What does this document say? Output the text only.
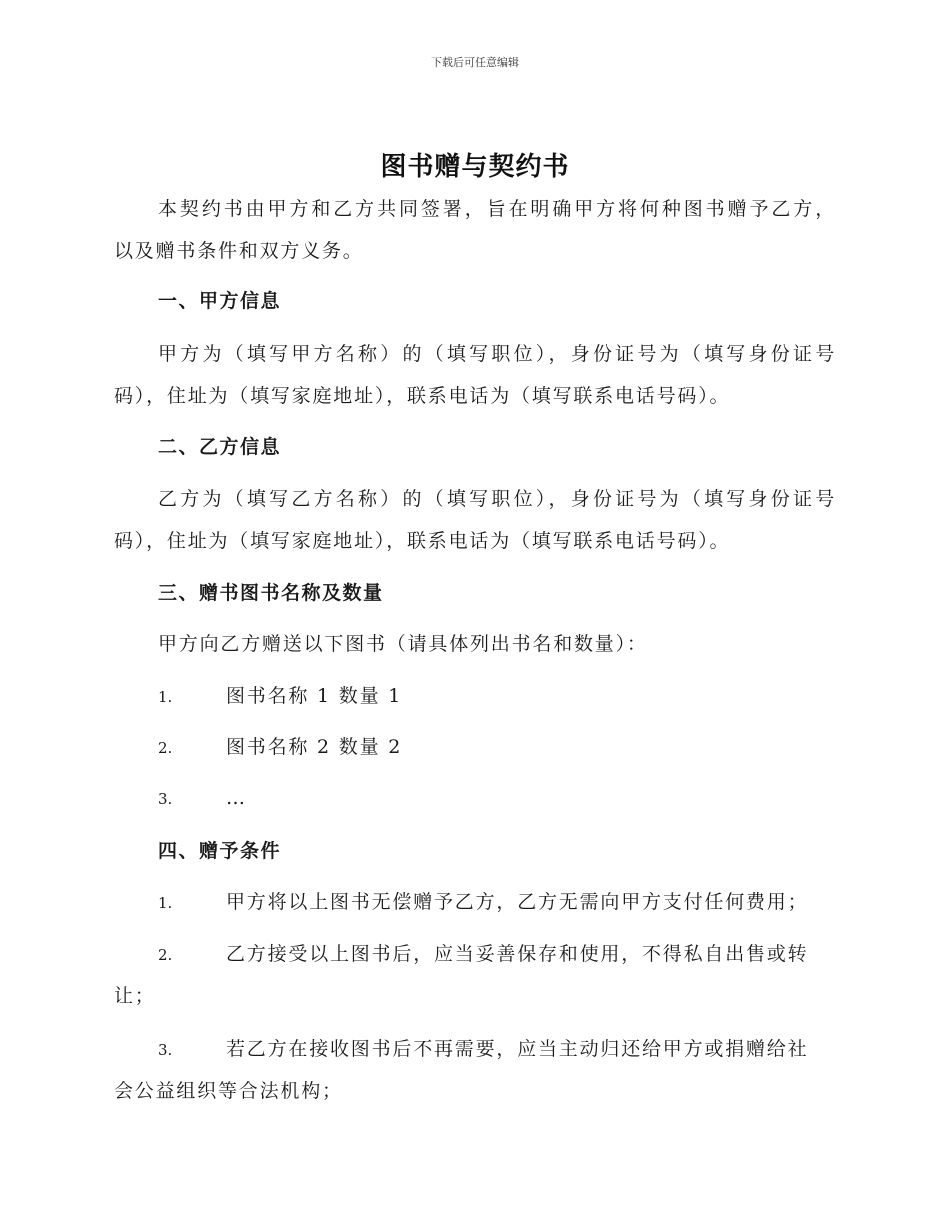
下载后可任意编辑
图书赠与契约书
本契约书由甲方和乙方共同签署，旨在明确甲方将何种图书赠予乙方，
以及赠书条件和双方义务。
一、甲方信息
甲方为（填写甲方名称）的（填写职位），身份证号为（填写身份证号
码），住址为（填写家庭地址），联系电话为（填写联系电话号码）。
二、乙方信息
乙方为（填写乙方名称）的（填写职位），身份证号为（填写身份证号
码），住址为（填写家庭地址），联系电话为（填写联系电话号码）。
三、赠书图书名称及数量
甲方向乙方赠送以下图书（请具体列出书名和数量）：
1.	图书名称 1 数量 1
2.	图书名称 2 数量 2
3.	…
四、赠予条件
1.	甲方将以上图书无偿赠予乙方，乙方无需向甲方支付任何费用；
2.	乙方接受以上图书后，应当妥善保存和使用，不得私自出售或转
让；
3.	若乙方在接收图书后不再需要，应当主动归还给甲方或捐赠给社
会公益组织等合法机构；
